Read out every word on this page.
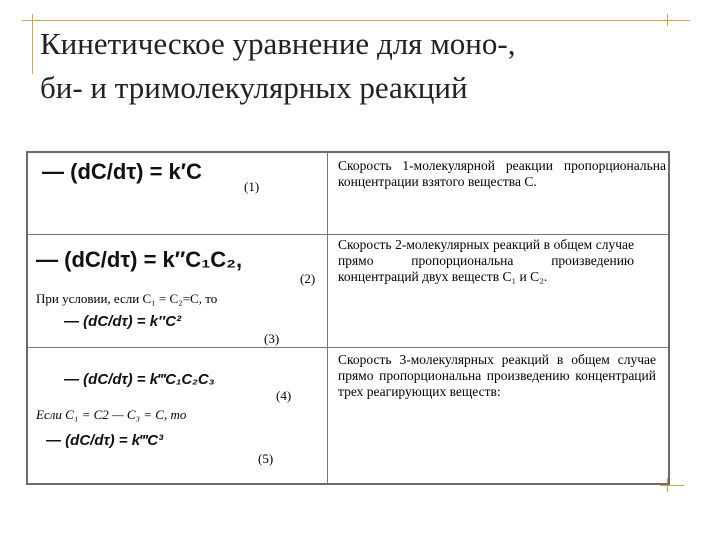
Кинетическое уравнение для моно-,
би- и тримолекулярных реакций
— (dC/dτ) = k′C
(1)
Скорость 1-молекулярной реакции пропорциональна концентрации взятого вещества С.
— (dC/dτ) = k″C₁C₂,
(2)
При условии, если С₁ = С₂=С, то
— (dC/dτ) = k″C²
(3)
Скорость 2-молекулярных реакций в общем случае прямо пропорциональна произведению концентраций двух веществ С₁ и С₂.
— (dC/dτ) = k‴C₁C₂C₃
(4)
Если С₁ = С2 — С₃ = С, то
— (dC/dτ) = k‴C³
(5)
Скорость 3-молекулярных реакций в общем случае прямо пропорциональна произведению концентраций трех реагирующих веществ:
